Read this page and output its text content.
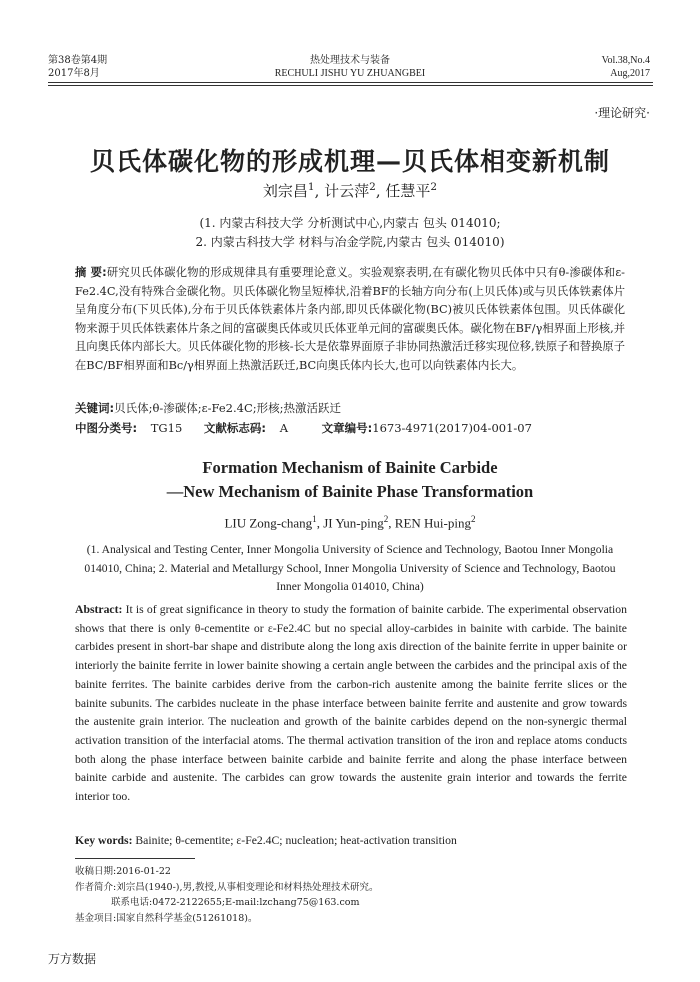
第38卷第4期
2017年8月
热处理技术与装备
RECHULI JISHU YU ZHUANGBEI
Vol.38,No.4
Aug,2017
·理论研究·
贝氏体碳化物的形成机理—贝氏体相变新机制
刘宗昌$^1$, 计云萍$^2$, 任慧平$^2$
(1. 内蒙古科技大学 分析测试中心,内蒙古 包头 014010;
2. 内蒙古科技大学 材料与冶金学院,内蒙古 包头 014010)
摘 要:研究贝氏体碳化物的形成规律具有重要理论意义。实验观察表明,在有碳化物贝氏体中只有θ-渗碳体和ε-Fe2.4C,没有特殊合金碳化物。贝氏体碳化物呈短棒状,沿着BF的长轴方向分布(上贝氏体)或与贝氏体铁素体片呈角度分布(下贝氏体),分布于贝氏体铁素体片条内部,即贝氏体碳化物(BC)被贝氏体铁素体包围。贝氏体碳化物来源于贝氏体铁素体片条之间的富碳奥氏体或贝氏体亚单元间的富碳奥氏体。碳化物在BF/γ相界面上形核,并且向奥氏体内部长大。贝氏体碳化物的形核-长大是依靠界面原子非协同热激活迁移实现位移,铁原子和替换原子在BC/BF相界面和Bc/γ相界面上热激活跃迁,BC向奥氏体内长大,也可以向铁素体内长大。
关键词:贝氏体;θ-渗碳体;ε-Fe2.4C;形核;热激活跃迁
中图分类号: TG15 文献标志码: A	文章编号:1673-4971(2017)04-001-07
Formation Mechanism of Bainite Carbide
—New Mechanism of Bainite Phase Transformation
LIU Zong-chang$^1$, JI Yun-ping$^2$, REN Hui-ping$^2$
(1. Analysical and Testing Center, Inner Mongolia University of Science and Technology, Baotou Inner Mongolia 014010, China; 2. Material and Metallurgy School, Inner Mongolia University of Science and Technology, Baotou Inner Mongolia 014010, China)
Abstract: It is of great significance in theory to study the formation of bainite carbide. The experimental observation shows that there is only θ-cementite or ε-Fe2.4C but no special alloy-carbides in bainite with carbide. The bainite carbides present in short-bar shape and distribute along the long axis direction of the bainite ferrite in upper bainite or interiorly the bainite ferrite in lower bainite showing a certain angle between the carbides and the principal axis of the bainite ferrites. The bainite carbides derive from the carbon-rich austenite among the bainite ferrite slices or the bainite subunits. The carbides nucleate in the phase interface between bainite ferrite and austenite and grow towards the austenite grain interior. The nucleation and growth of the bainite carbides depend on the non-synergic thermal activation transition of the interfacial atoms. The thermal activation transition of the iron and replace atoms conducts both along the phase interface between bainite carbide and bainite ferrite and along the phase interface between bainite carbide and austenite. The carbides can grow towards the austenite grain interior and towards the ferrite interior too.
Key words: Bainite; θ-cementite; ε-Fe2.4C; nucleation; heat-activation transition
收稿日期:2016-01-22
作者简介:刘宗昌(1940-),男,教授,从事相变理论和材料热处理技术研究。
联系电话:0472-2122655;E-mail:lzchang75@163.com
基金项目:国家自然科学基金(51261018)。
万方数据
